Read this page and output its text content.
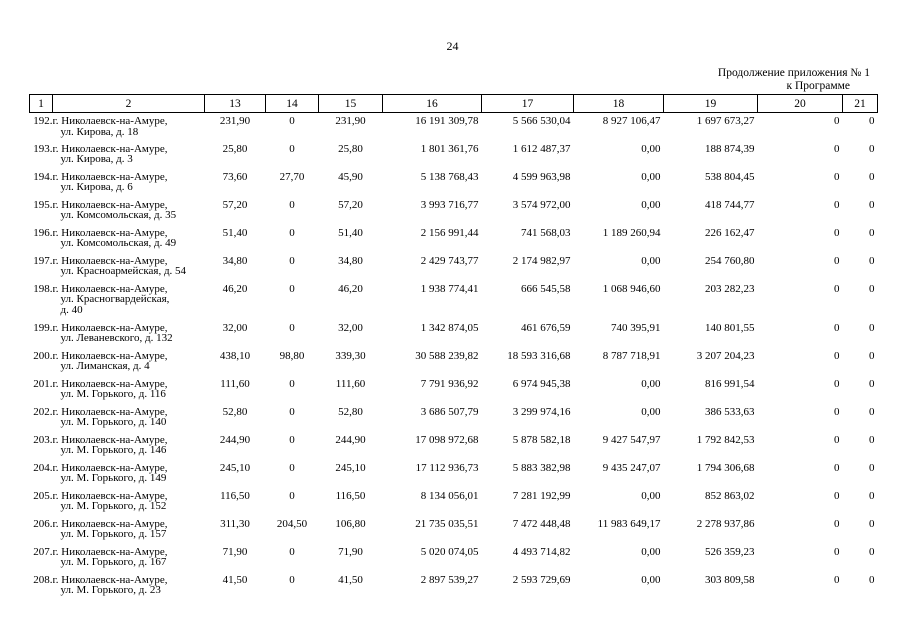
24
Продолжение приложения № 1

к Программе
1	2	13	14	15	16	17	18	19	20	21
192.	г. Николаевск-на-Амуре,
ул. Кирова, д. 18	231,90	0	231,90	16 191 309,78	5 566 530,04	8 927 106,47	1 697 673,27	0	0
193.	г. Николаевск-на-Амуре,
ул. Кирова, д. 3	25,80	0	25,80	1 801 361,76	1 612 487,37	0,00	188 874,39	0	0
194.	г. Николаевск-на-Амуре,
ул. Кирова, д. 6	73,60	27,70	45,90	5 138 768,43	4 599 963,98	0,00	538 804,45	0	0
195.	г. Николаевск-на-Амуре,
ул. Комсомольская, д. 35	57,20	0	57,20	3 993 716,77	3 574 972,00	0,00	418 744,77	0	0
196.	г. Николаевск-на-Амуре,
ул. Комсомольская, д. 49	51,40	0	51,40	2 156 991,44	741 568,03	1 189 260,94	226 162,47	0	0
197.	г. Николаевск-на-Амуре,
ул. Красноармейская, д. 54	34,80	0	34,80	2 429 743,77	2 174 982,97	0,00	254 760,80	0	0
198.	г. Николаевск-на-Амуре,
ул. Красногвардейская,
д. 40	46,20	0	46,20	1 938 774,41	666 545,58	1 068 946,60	203 282,23	0	0
199.	г. Николаевск-на-Амуре,
ул. Леваневского, д. 132	32,00	0	32,00	1 342 874,05	461 676,59	740 395,91	140 801,55	0	0
200.	г. Николаевск-на-Амуре,
ул. Лиманская, д. 4	438,10	98,80	339,30	30 588 239,82	18 593 316,68	8 787 718,91	3 207 204,23	0	0
201.	г. Николаевск-на-Амуре,
ул. М. Горького, д. 116	111,60	0	111,60	7 791 936,92	6 974 945,38	0,00	816 991,54	0	0
202.	г. Николаевск-на-Амуре,
ул. М. Горького, д. 140	52,80	0	52,80	3 686 507,79	3 299 974,16	0,00	386 533,63	0	0
203.	г. Николаевск-на-Амуре,
ул. М. Горького, д. 146	244,90	0	244,90	17 098 972,68	5 878 582,18	9 427 547,97	1 792 842,53	0	0
204.	г. Николаевск-на-Амуре,
ул. М. Горького, д. 149	245,10	0	245,10	17 112 936,73	5 883 382,98	9 435 247,07	1 794 306,68	0	0
205.	г. Николаевск-на-Амуре,
ул. М. Горького, д. 152	116,50	0	116,50	8 134 056,01	7 281 192,99	0,00	852 863,02	0	0
206.	г. Николаевск-на-Амуре,
ул. М. Горького, д. 157	311,30	204,50	106,80	21 735 035,51	7 472 448,48	11 983 649,17	2 278 937,86	0	0
207.	г. Николаевск-на-Амуре,
ул. М. Горького, д. 167	71,90	0	71,90	5 020 074,05	4 493 714,82	0,00	526 359,23	0	0
208.	г. Николаевск-на-Амуре,
ул. М. Горького, д. 23	41,50	0	41,50	2 897 539,27	2 593 729,69	0,00	303 809,58	0	0
